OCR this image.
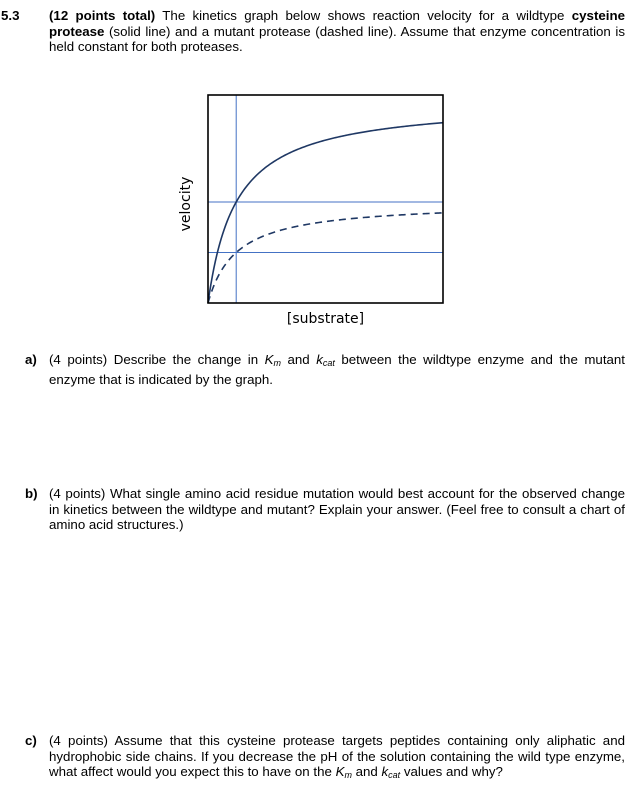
5.3 (12 points total) The kinetics graph below shows reaction velocity for a wildtype cysteine protease (solid line) and a mutant protease (dashed line). Assume that enzyme concentration is held constant for both proteases.
velocity
[substrate]
a) (4 points) Describe the change in $K_m$ and $k_{cat}$ between the wildtype enzyme and the mutant enzyme that is indicated by the graph.
b) (4 points) What single amino acid residue mutation would best account for the observed change in kinetics between the wildtype and mutant? Explain your answer. (Feel free to consult a chart of amino acid structures.)
c) (4 points) Assume that this cysteine protease targets peptides containing only aliphatic and hydrophobic side chains. If you decrease the pH of the solution containing the wild type enzyme, what affect would you expect this to have on the $K_m$ and $k_{cat}$ values and why?
